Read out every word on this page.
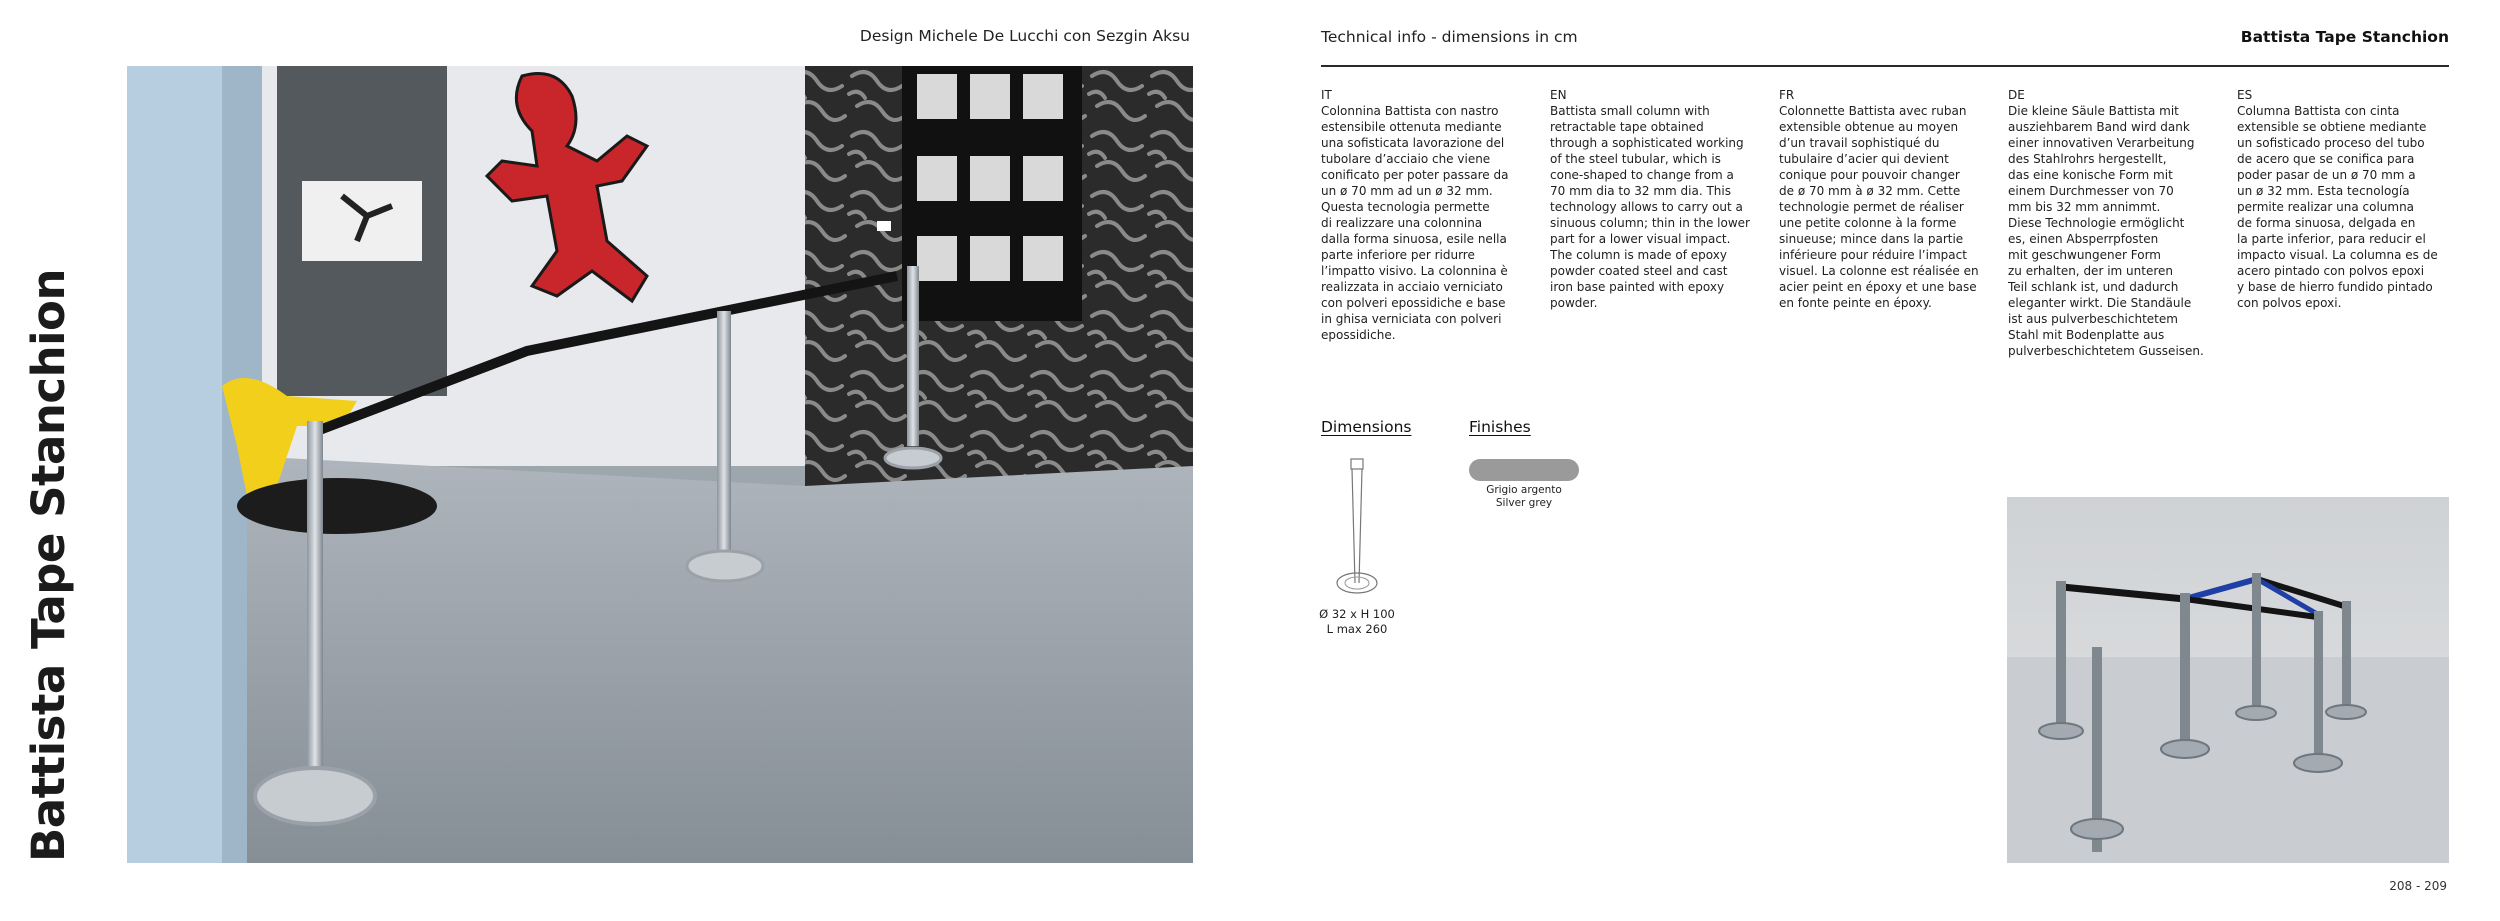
Battista Tape Stanchion
Design Michele De Lucchi con Sezgin Aksu	Technical info - dimensions in cm	Battista Tape Stanchion
IT
Colonnina Battista con nastro
estensibile ottenuta mediante
una sofisticata lavorazione del
tubolare d’acciaio che viene
conificato per poter passare da
un ø 70 mm ad un ø 32 mm.
Questa tecnologia permette
di realizzare una colonnina
dalla forma sinuosa, esile nella
parte inferiore per ridurre
l’impatto visivo. La colonnina è
realizzata in acciaio verniciato
con polveri epossidiche e base
in ghisa verniciata con polveri
epossidiche.
EN
Battista small column with
retractable tape obtained
through a sophisticated working
of the steel tubular, which is
cone-shaped to change from a
70 mm dia to 32 mm dia. This
technology allows to carry out a
sinuous column; thin in the lower
part for a lower visual impact.
The column is made of epoxy
powder coated steel and cast
iron base painted with epoxy
powder.
FR
Colonnette Battista avec ruban
extensible obtenue au moyen
d’un travail sophistiqué du
tubulaire d’acier qui devient
conique pour pouvoir changer
de ø 70 mm à ø 32 mm. Cette
technologie permet de réaliser
une petite colonne à la forme
sinueuse; mince dans la partie
inférieure pour réduire l’impact
visuel. La colonne est réalisée en
acier peint en époxy et une base
en fonte peinte en époxy.
DE
Die kleine Säule Battista mit
ausziehbarem Band wird dank
einer innovativen Verarbeitung
des Stahlrohrs hergestellt,
das eine konische Form mit
einem Durchmesser von 70
mm bis 32 mm annimmt.
Diese Technologie ermöglicht
es, einen Absperrpfosten
mit geschwungener Form
zu erhalten, der im unteren
Teil schlank ist, und dadurch
eleganter wirkt. Die Standäule
ist aus pulverbeschichtetem
Stahl mit Bodenplatte aus
pulverbeschichtetem Gusseisen.
ES
Columna Battista con cinta
extensible se obtiene mediante
un sofisticado proceso del tubo
de acero que se conifica para
poder pasar de un ø 70 mm a
un ø 32 mm. Esta tecnología
permite realizar una columna
de forma sinuosa, delgada en
la parte inferior, para reducir el
impacto visual. La columna es de
acero pintado con polvos epoxi
y base de hierro fundido pintado
con polvos epoxi.
Dimensions
Ø 32 x H 100
L max 260
Finishes
Grigio argento
Silver grey
208 - 209
